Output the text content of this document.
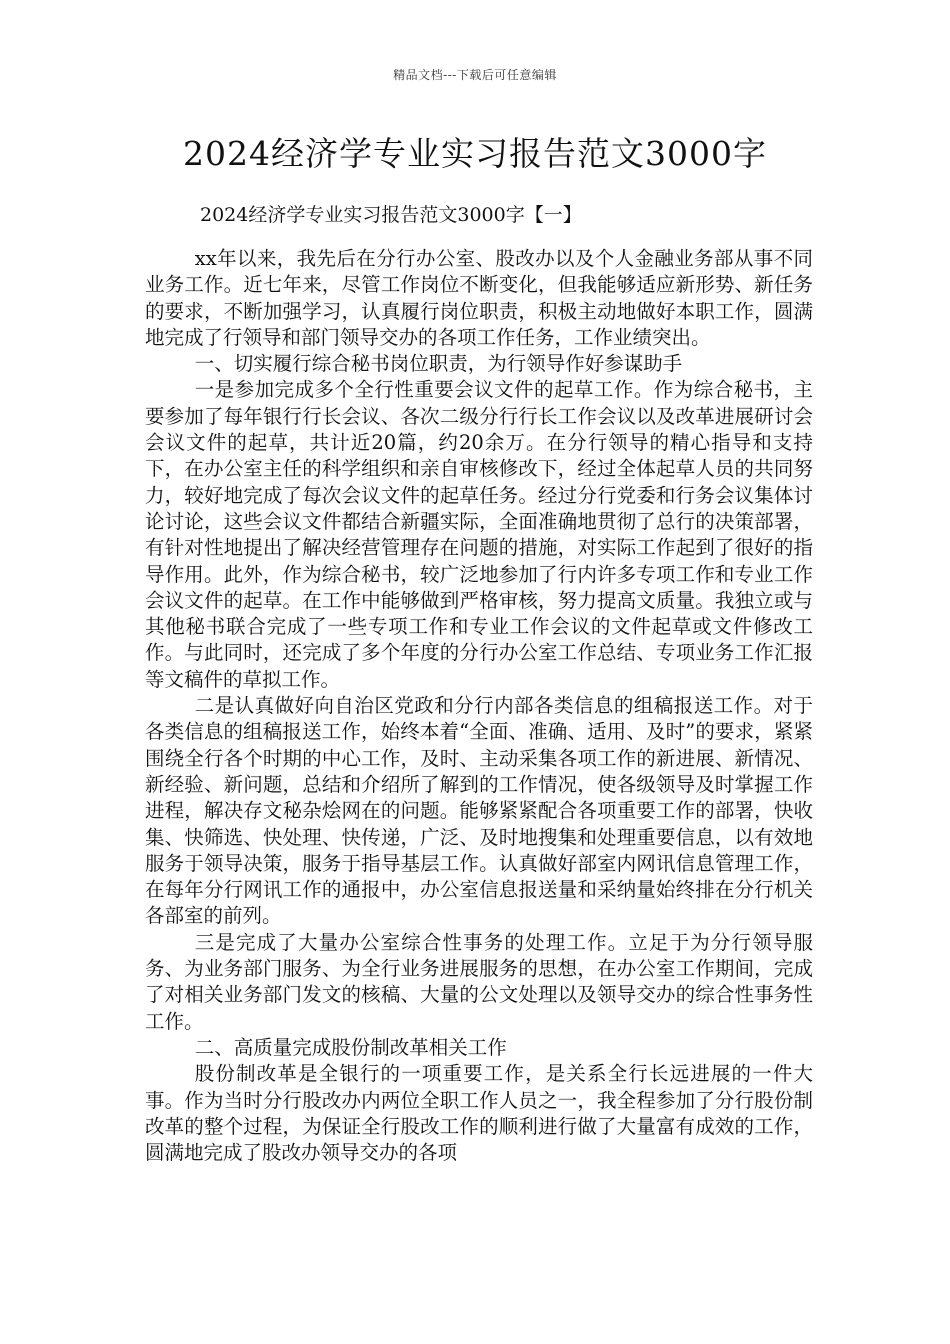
精品文档---下载后可任意编辑
2024经济学专业实习报告范文3000字
2024经济学专业实习报告范文3000字【一】

xx年以来，我先后在分行办公室、股改办以及个人金融业务部从事不同业务工作。近七年来，尽管工作岗位不断变化，但我能够适应新形势、新任务的要求，不断加强学习，认真履行岗位职责，积极主动地做好本职工作，圆满地完成了行领导和部门领导交办的各项工作任务，工作业绩突出。

一、切实履行综合秘书岗位职责，为行领导作好参谋助手

一是参加完成多个全行性重要会议文件的起草工作。作为综合秘书，主要参加了每年银行行长会议、各次二级分行行长工作会议以及改革进展研讨会会议文件的起草，共计近20篇，约20余万。在分行领导的精心指导和支持下，在办公室主任的科学组织和亲自审核修改下，经过全体起草人员的共同努力，较好地完成了每次会议文件的起草任务。经过分行党委和行务会议集体讨论讨论，这些会议文件都结合新疆实际，全面准确地贯彻了总行的决策部署，有针对性地提出了解决经营管理存在问题的措施，对实际工作起到了很好的指导作用。此外，作为综合秘书，较广泛地参加了行内许多专项工作和专业工作会议文件的起草。在工作中能够做到严格审核，努力提高文质量。我独立或与其他秘书联合完成了一些专项工作和专业工作会议的文件起草或文件修改工作。与此同时，还完成了多个年度的分行办公室工作总结、专项业务工作汇报等文稿件的草拟工作。

二是认真做好向自治区党政和分行内部各类信息的组稿报送工作。对于各类信息的组稿报送工作，始终本着“全面、准确、适用、及时”的要求，紧紧围绕全行各个时期的中心工作，及时、主动采集各项工作的新进展、新情况、新经验、新问题，总结和介绍所了解到的工作情况，使各级领导及时掌握工作进程，解决存文秘杂烩网在的问题。能够紧紧配合各项重要工作的部署，快收集、快筛选、快处理、快传递，广泛、及时地搜集和处理重要信息，以有效地服务于领导决策，服务于指导基层工作。认真做好部室内网讯信息管理工作，在每年分行网讯工作的通报中，办公室信息报送量和采纳量始终排在分行机关各部室的前列。

三是完成了大量办公室综合性事务的处理工作。立足于为分行领导服务、为业务部门服务、为全行业务进展服务的思想，在办公室工作期间，完成了对相关业务部门发文的核稿、大量的公文处理以及领导交办的综合性事务性工作。

二、高质量完成股份制改革相关工作

股份制改革是全银行的一项重要工作，是关系全行长远进展的一件大事。作为当时分行股改办内两位全职工作人员之一，我全程参加了分行股份制改革的整个过程，为保证全行股改工作的顺利进行做了大量富有成效的工作，圆满地完成了股改办领导交办的各项
